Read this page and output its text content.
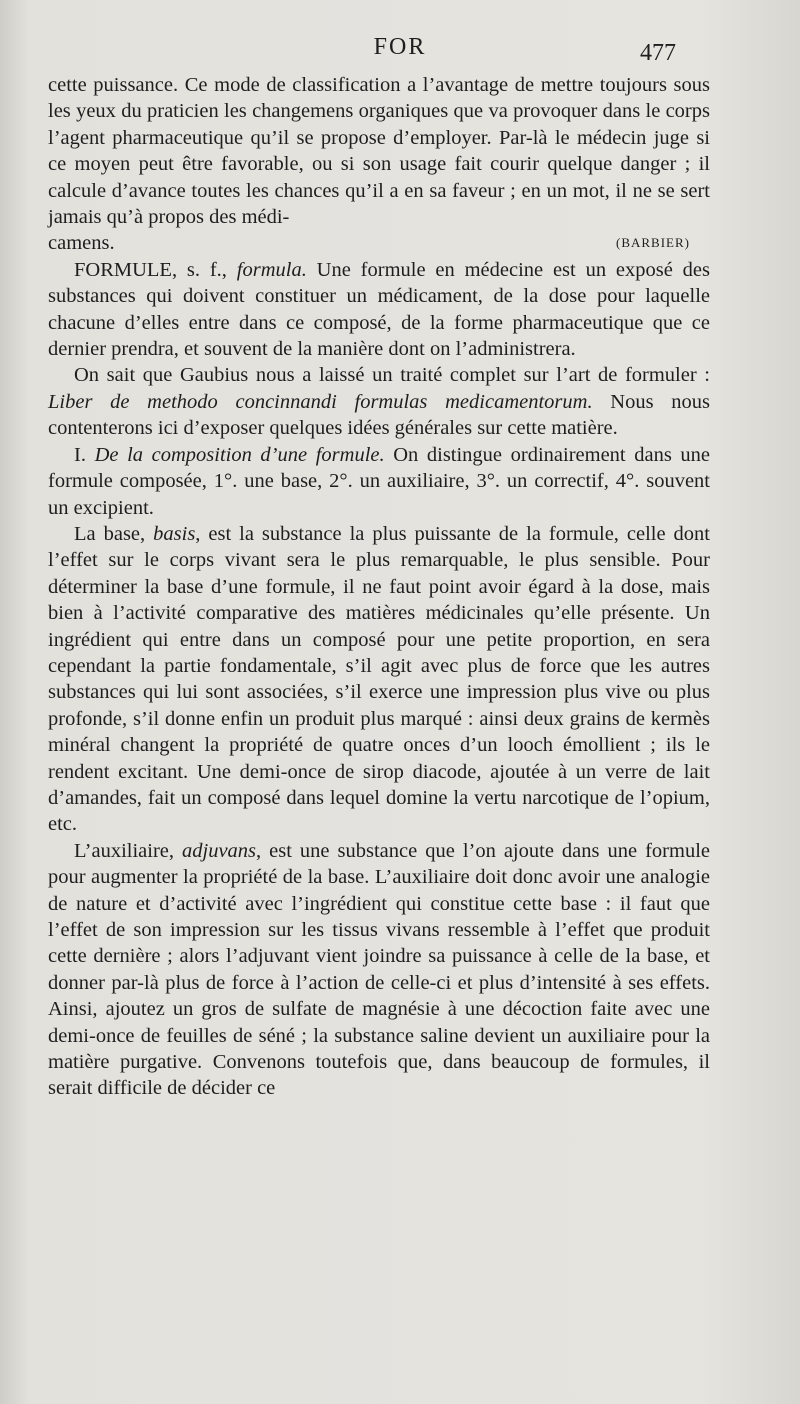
FOR	477

cette puissance. Ce mode de classification a l’avantage de mettre toujours sous les yeux du praticien les changemens organiques que va provoquer dans le corps l’agent pharmaceutique qu’il se propose d’employer. Par-là le médecin juge si ce moyen peut être favorable, ou si son usage fait courir quelque danger ; il calcule d’avance toutes les chances qu’il a en sa faveur ; en un mot, il ne se sert jamais qu’à propos des médi-

camens.	(BARBIER)

FORMULE, s. f., formula. Une formule en médecine est un exposé des substances qui doivent constituer un médicament, de la dose pour laquelle chacune d’elles entre dans ce composé, de la forme pharmaceutique que ce dernier prendra, et souvent de la manière dont on l’administrera.

On sait que Gaubius nous a laissé un traité complet sur l’art de formuler : Liber de methodo concinnandi formulas medicamentorum. Nous nous contenterons ici d’exposer quelques idées générales sur cette matière.

I. De la composition d’une formule. On distingue ordinairement dans une formule composée, 1°. une base, 2°. un auxiliaire, 3°. un correctif, 4°. souvent un excipient.

La base, basis, est la substance la plus puissante de la formule, celle dont l’effet sur le corps vivant sera le plus remarquable, le plus sensible. Pour déterminer la base d’une formule, il ne faut point avoir égard à la dose, mais bien à l’activité comparative des matières médicinales qu’elle présente. Un ingrédient qui entre dans un composé pour une petite proportion, en sera cependant la partie fondamentale, s’il agit avec plus de force que les autres substances qui lui sont associées, s’il exerce une impression plus vive ou plus profonde, s’il donne enfin un produit plus marqué : ainsi deux grains de kermès minéral changent la propriété de quatre onces d’un looch émollient ; ils le rendent excitant. Une demi-once de sirop diacode, ajoutée à un verre de lait d’amandes, fait un composé dans lequel domine la vertu narcotique de l’opium, etc.

L’auxiliaire, adjuvans, est une substance que l’on ajoute dans une formule pour augmenter la propriété de la base. L’auxiliaire doit donc avoir une analogie de nature et d’activité avec l’ingrédient qui constitue cette base : il faut que l’effet de son impression sur les tissus vivans ressemble à l’effet que produit cette dernière ; alors l’adjuvant vient joindre sa puissance à celle de la base, et donner par-là plus de force à l’action de celle-ci et plus d’intensité à ses effets. Ainsi, ajoutez un gros de sulfate de magnésie à une décoction faite avec une demi-once de feuilles de séné ; la substance saline devient un auxiliaire pour la matière purgative. Convenons toutefois que, dans beaucoup de formules, il serait difficile de décider ce
